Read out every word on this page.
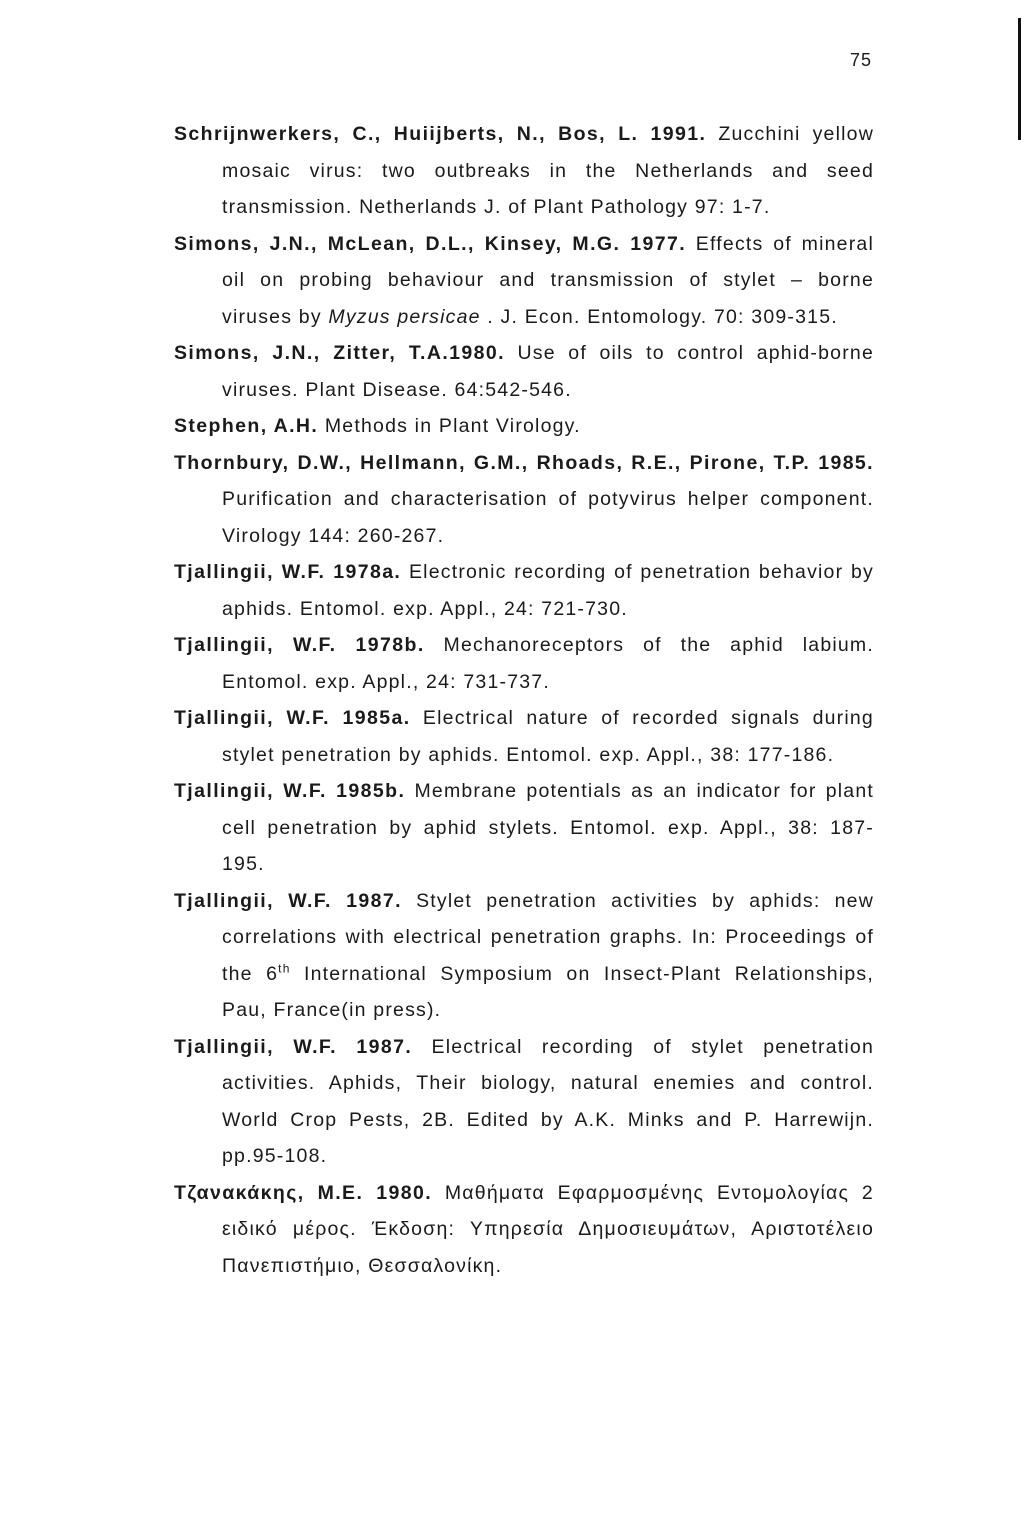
75
Schrijnwerkers, C., Huiijberts, N., Bos, L. 1991. Zucchini yellow mosaic virus: two outbreaks in the Netherlands and seed transmission. Netherlands J. of Plant Pathology 97: 1-7.
Simons, J.N., McLean, D.L., Kinsey, M.G. 1977. Effects of mineral oil on probing behaviour and transmission of stylet – borne viruses by Myzus persicae . J. Econ. Entomology. 70: 309-315.
Simons, J.N., Zitter, T.A.1980. Use of oils to control aphid-borne viruses. Plant Disease. 64:542-546.
Stephen, A.H. Methods in Plant Virology.
Thornbury, D.W., Hellmann, G.M., Rhoads, R.E., Pirone, T.P. 1985. Purification and characterisation of potyvirus helper component. Virology 144: 260-267.
Tjallingii, W.F. 1978a. Electronic recording of penetration behavior by aphids. Entomol. exp. Appl., 24: 721-730.
Tjallingii, W.F. 1978b. Mechanoreceptors of the aphid labium. Entomol. exp. Appl., 24: 731-737.
Tjallingii, W.F. 1985a. Electrical nature of recorded signals during stylet penetration by aphids. Entomol. exp. Appl., 38: 177-186.
Tjallingii, W.F. 1985b. Membrane potentials as an indicator for plant cell penetration by aphid stylets. Entomol. exp. Appl., 38: 187-195.
Tjallingii, W.F. 1987. Stylet penetration activities by aphids: new correlations with electrical penetration graphs. In: Proceedings of the 6th International Symposium on Insect-Plant Relationships, Pau, France(in press).
Tjallingii, W.F. 1987. Electrical recording of stylet penetration activities. Aphids, Their biology, natural enemies and control. World Crop Pests, 2B. Edited by A.K. Minks and P. Harrewijn. pp.95-108.
Τζανακάκης, Μ.Ε. 1980. Μαθήματα Εφαρμοσμένης Εντομολογίας 2 ειδικό μέρος. Έκδοση: Υπηρεσία Δημοσιευμάτων, Αριστοτέλειο Πανεπιστήμιο, Θεσσαλονίκη.
